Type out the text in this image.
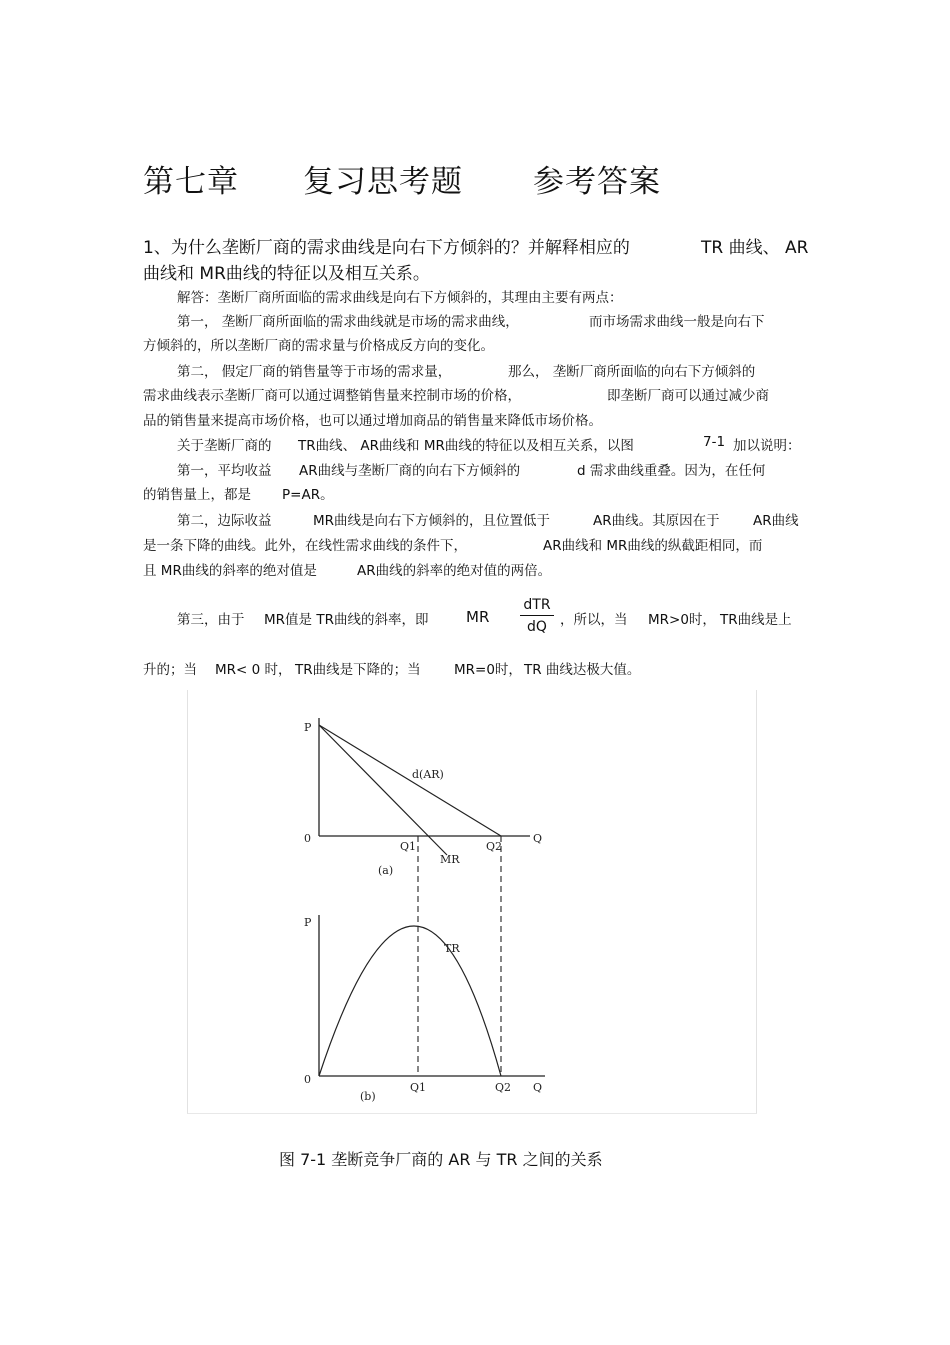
第七章 复习思考题 参考答案
1、为什么垄断厂商的需求曲线是向右下方倾斜的？并解释相应的	TR 曲线、 AR
曲线和 MR曲线的特征以及相互关系。
解答：垄断厂商所面临的需求曲线是向右下方倾斜的，其理由主要有两点：
第一， 垄断厂商所面临的需求曲线就是市场的需求曲线，	而市场需求曲线一般是向右下
方倾斜的，所以垄断厂商的需求量与价格成反方向的变化。
第二， 假定厂商的销售量等于市场的需求量，	那么， 垄断厂商所面临的向右下方倾斜的
需求曲线表示垄断厂商可以通过调整销售量来控制市场的价格，	即垄断厂商可以通过减少商
品的销售量来提高市场价格，也可以通过增加商品的销售量来降低市场价格。
关于垄断厂商的 TR曲线、 AR曲线和 MR曲线的特征以及相互关系，以图	7-1 加以说明：
第一，平均收益 AR曲线与垄断厂商的向右下方倾斜的	d 需求曲线重叠。因为，在任何
的销售量上，都是 P=AR。
第二，边际收益	MR曲线是向右下方倾斜的，且位置低于	AR曲线。其原因在于 AR曲线
是一条下降的曲线。此外，在线性需求曲线的条件下，	AR曲线和 MR曲线的纵截距相同，而
且 MR曲线的斜率的绝对值是	AR曲线的斜率的绝对值的两倍。
第三，由于 MR值是 TR曲线的斜率，即	MR
dTR
dQ ，所以，当 MR>0时， TR曲线是上
升的；当 MR< 0 时， TR曲线是下降的；当 MR=0时， TR 曲线达极大值。
P
0
Q1	Q2
Q
d(AR)
MR
(a)
P
0
Q1	Q2 Q
TR
(b)
图 7-1 垄断竞争厂商的 AR 与 TR 之间的关系
